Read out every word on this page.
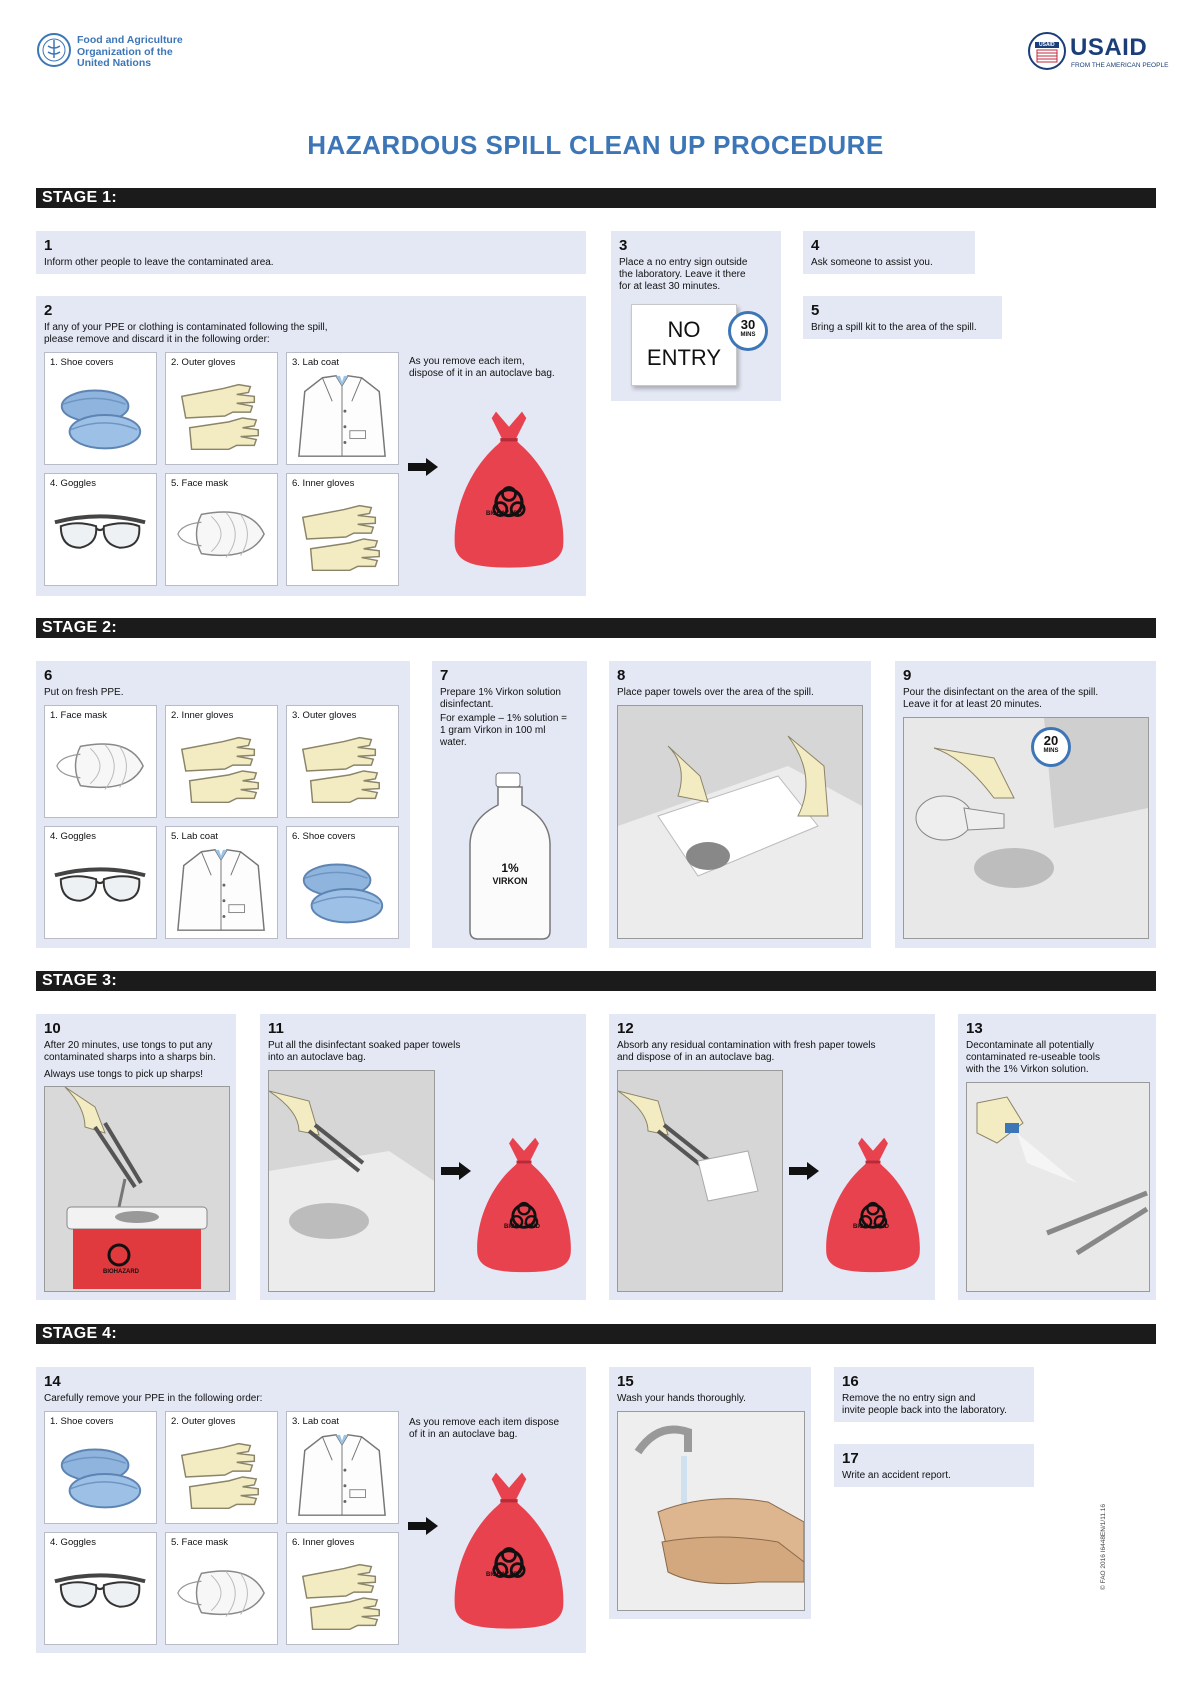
Food and Agriculture
Organization of the
United Nations
USAID USAID
FROM THE AMERICAN PEOPLE
HAZARDOUS SPILL CLEAN UP PROCEDURE
STAGE 1:
1
Inform other people to leave the contaminated area.
2
If any of your PPE or clothing is contaminated following the spill,
please remove and discard it in the following order:
1. Shoe covers	2. Outer gloves	3. Lab coat
4. Goggles	5. Face mask	6. Inner gloves
As you remove each item,
dispose of it in an autoclave bag.
BIOHAZARD
3
Place a no entry sign outside
the laboratory. Leave it there
for at least 30 minutes.
NO
ENTRY
30
MINS
4
Ask someone to assist you.
5
Bring a spill kit to the area of the spill.
STAGE 2:
6
Put on fresh PPE.
1. Face mask	2. Inner gloves	3. Outer gloves
4. Goggles	5. Lab coat	6. Shoe covers
7
Prepare 1% Virkon solution
disinfectant.
For example – 1% solution =
1 gram Virkon in 100 ml
water.
1%
VIRKON
8
Place paper towels over the area of the spill.
9
Pour the disinfectant on the area of the spill.
Leave it for at least 20 minutes.
20
MINS
STAGE 3:
10
After 20 minutes, use tongs to put any
contaminated sharps into a sharps bin.
Always use tongs to pick up sharps!
BIOHAZARD
11
Put all the disinfectant soaked paper towels
into an autoclave bag.
BIOHAZARD
12
Absorb any residual contamination with fresh paper towels
and dispose of in an autoclave bag.
BIOHAZARD
13
Decontaminate all potentially
contaminated re-useable tools
with the 1% Virkon solution.
STAGE 4:
14
Carefully remove your PPE in the following order:
1. Shoe covers	2. Outer gloves	3. Lab coat
4. Goggles	5. Face mask	6. Inner gloves
As you remove each item dispose
of it in an autoclave bag.
BIOHAZARD
15
Wash your hands thoroughly.
16
Remove the no entry sign and
invite people back into the laboratory.
17
Write an accident report.
© FAO 2016 I6448EN/1/11.16
